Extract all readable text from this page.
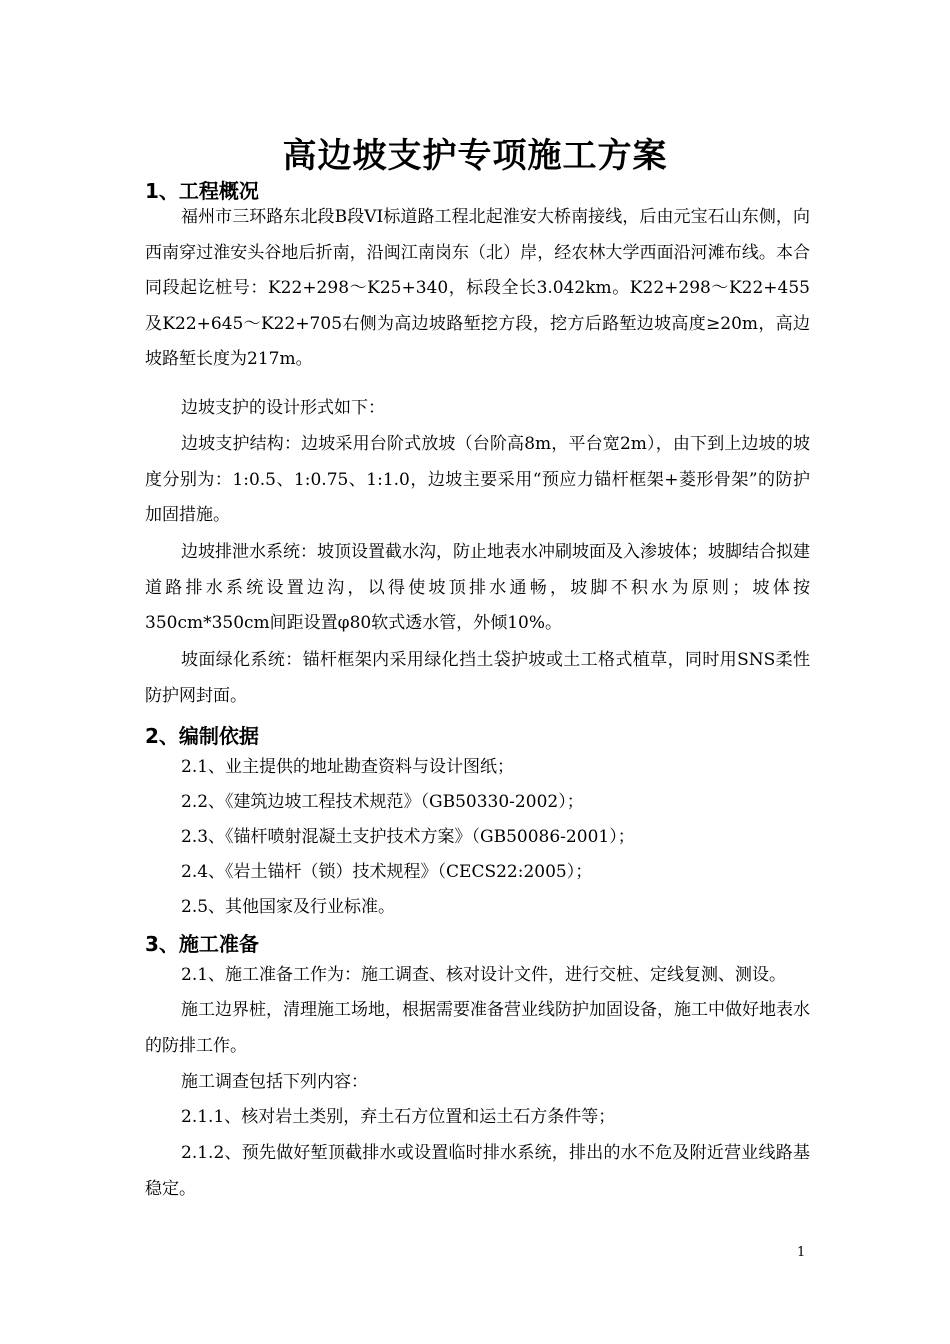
高边坡支护专项施工方案
1、工程概况

福州市三环路东北段B段VI标道路工程北起淮安大桥南接线，后由元宝石山东侧，向西南穿过淮安头谷地后折南，沿闽江南岗东（北）岸，经农林大学西面沿河滩布线。本合同段起讫桩号：K22+298～K25+340，标段全长3.042km。K22+298～K22+455及K22+645～K22+705右侧为高边坡路堑挖方段，挖方后路堑边坡高度≥20m，高边坡路堑长度为217m。

边坡支护的设计形式如下：

边坡支护结构：边坡采用台阶式放坡（台阶高8m，平台宽2m），由下到上边坡的坡度分别为：1:0.5、1:0.75、1:1.0，边坡主要采用“预应力锚杆框架+菱形骨架”的防护加固措施。

边坡排泄水系统：坡顶设置截水沟，防止地表水冲刷坡面及入渗坡体；坡脚结合拟建道路排水系统设置边沟，以得使坡顶排水通畅，坡脚不积水为原则；坡体按350cm*350cm间距设置φ80软式透水管，外倾10%。

坡面绿化系统：锚杆框架内采用绿化挡土袋护坡或土工格式植草，同时用SNS柔性防护网封面。

2、编制依据
2.1、业主提供的地址勘查资料与设计图纸；
2.2、《建筑边坡工程技术规范》（GB50330-2002）；
2.3、《锚杆喷射混凝土支护技术方案》（GB50086-2001）；
2.4、《岩土锚杆（锁）技术规程》（CECS22:2005）；
2.5、其他国家及行业标准。
3、施工准备

2.1、施工准备工作为：施工调查、核对设计文件，进行交桩、定线复测、测设。

施工边界桩，清理施工场地，根据需要准备营业线防护加固设备，施工中做好地表水的防排工作。

施工调查包括下列内容：

2.1.1、核对岩土类别，弃土石方位置和运土石方条件等；

2.1.2、预先做好堑顶截排水或设置临时排水系统，排出的水不危及附近营业线路基稳定。

1
